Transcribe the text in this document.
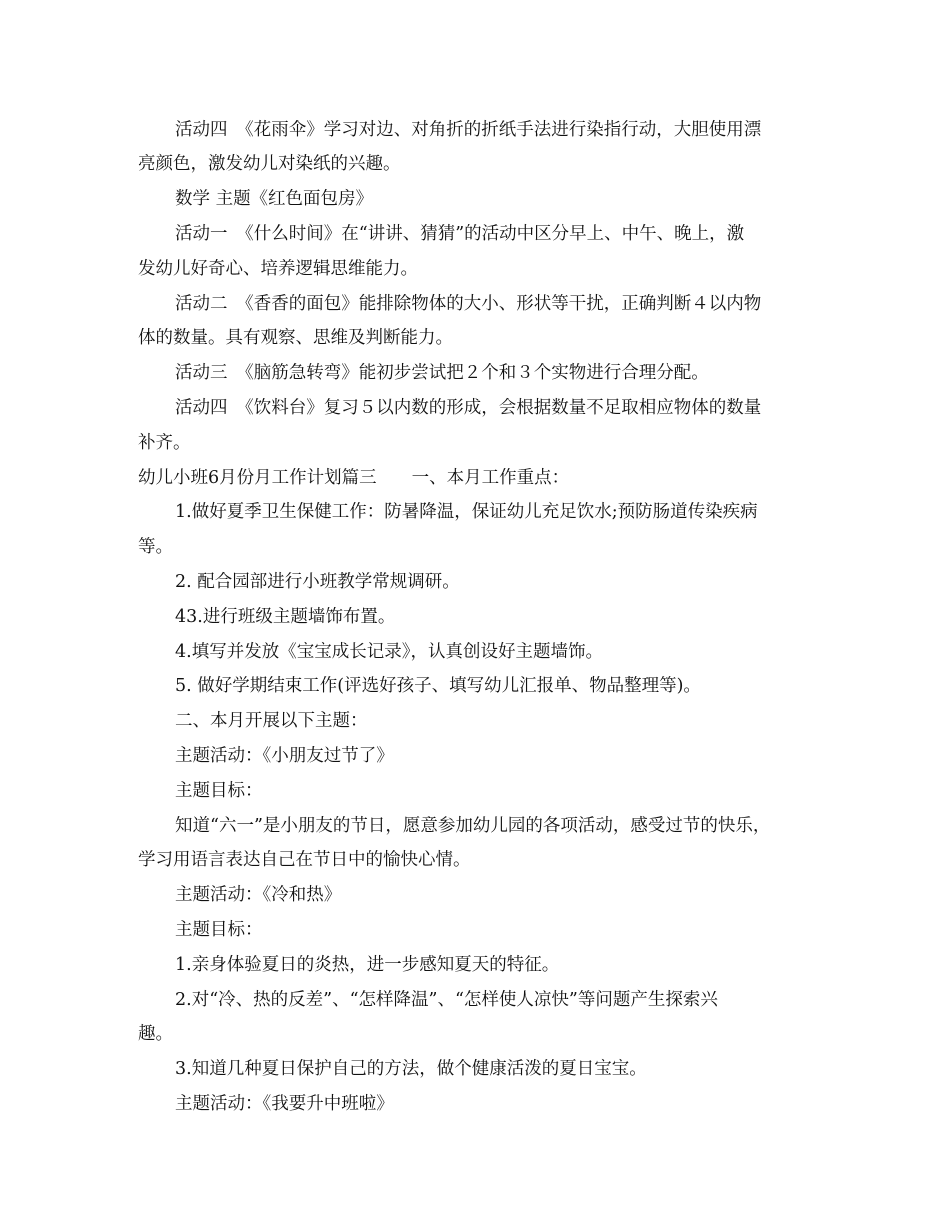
活动四　《花雨伞》学习对边、对角折的折纸手法进行染指行动，大胆使用漂
亮颜色，激发幼儿对染纸的兴趣。
数学 主题《红色面包房》
活动一　《什么时间》在“讲讲、猜猜”的活动中区分早上、中午、晚上，激
发幼儿好奇心、培养逻辑思维能力。
活动二　《香香的面包》能排除物体的大小、形状等干扰，正确判断４以内物
体的数量。具有观察、思维及判断能力。
活动三　《脑筋急转弯》能初步尝试把２个和３个实物进行合理分配。
活动四　《饮料台》复习５以内数的形成，会根据数量不足取相应物体的数量
补齐。
幼儿小班6月份月工作计划篇三　　一、本月工作重点：
1.做好夏季卫生保健工作：防暑降温，保证幼儿充足饮水;预防肠道传染疾病
等。
2. 配合园部进行小班教学常规调研。
43.进行班级主题墙饰布置。
4.填写并发放《宝宝成长记录》，认真创设好主题墙饰。
5. 做好学期结束工作(评选好孩子、填写幼儿汇报单、物品整理等)。
二、本月开展以下主题：
主题活动：《小朋友过节了》
主题目标：
知道“六一”是小朋友的节日，愿意参加幼儿园的各项活动，感受过节的快乐，
学习用语言表达自己在节日中的愉快心情。
主题活动：《冷和热》
主题目标：
1.亲身体验夏日的炎热，进一步感知夏天的特征。
2.对“冷、热的反差”、“怎样降温”、“怎样使人凉快”等问题产生探索兴
趣。
3.知道几种夏日保护自己的方法，做个健康活泼的夏日宝宝。
主题活动：《我要升中班啦》
